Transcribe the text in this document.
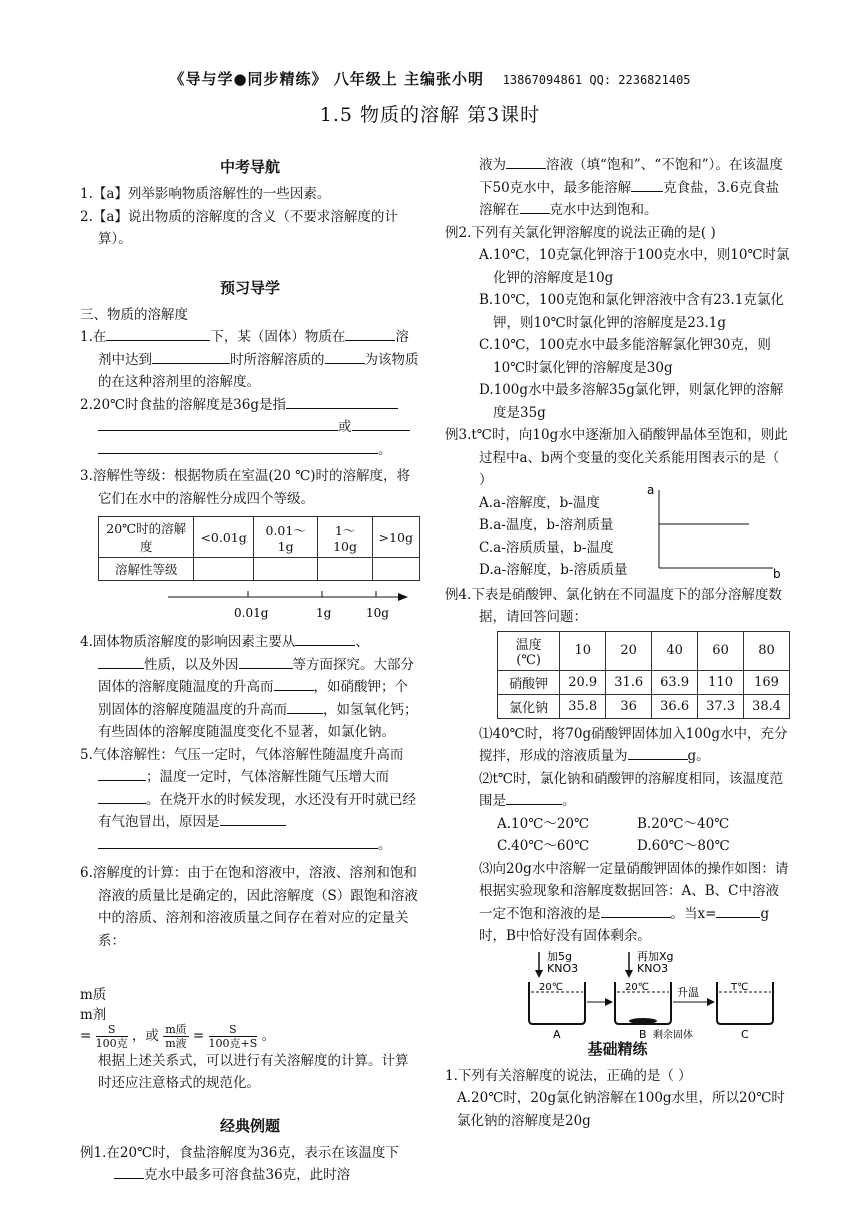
《导与学●同步精练》 八年级上 主编张小明 13867094861 QQ: 2236821405
1.5 物质的溶解 第3课时
中考导航

1.【a】列举影响物质溶解性的一些因素。

2.【a】说出物质的溶解度的含义（不要求溶解度的计算）。

预习导学

三、物质的溶解度

1.在	下，某（固体）物质在	溶剂中达到	时所溶解溶质的	为该物质的在这种溶剂里的溶解度。

2.20℃时食盐的溶解度是36g是指
或
。

3.溶解性等级：根据物质在室温(20 ℃)时的溶解度，将它们在水中的溶解性分成四个等级。

20℃时的溶解度	<0.01g	0.01～1g	1～10g	>10g
溶解性等级				
0.01g	1g	10g

4.固体物质溶解度的影响因素主要从	、
性质，以及外因	等方面探究。大部分固体的溶解度随温度的升高而	，如硝酸钾；个别固体的溶解度随温度的升高而	，如氢氧化钙；有些固体的溶解度随温度变化不显著，如氯化钠。

5.气体溶解性：气压一定时，气体溶解性随温度升高而；温度一定时，气体溶解性随气压增大而。在烧开水的时候发现，水还没有开时就已经有气泡冒出，原因是
。

6.溶解度的计算：由于在饱和溶液中，溶液、溶剂和饱和溶液的质量比是确定的，因此溶解度（S）跟饱和溶液中的溶质、溶剂和溶液质量之间存在着对应的定量关系：

m质
m剂
= $\frac{S}{\text{100克}}$ ，或 $\frac{\text{m质}}{\text{m液}} = \frac{S}{\text{100克+S}}$ 。

根据上述关系式，可以进行有关溶解度的计算。计算时还应注意格式的规范化。

经典例题

例1.在20℃时，食盐溶解度为36克，表示在该温度下克水中最多可溶食盐36克，此时溶

液为	溶液（填“饱和”、“不饱和”）。在该温度下50克水中，最多能溶解 克食盐，3.6克食盐溶解在 克水中达到饱和。

例2.下列有关氯化钾溶解度的说法正确的是( )

A.10℃，10克氯化钾溶于100克水中，则10℃时氯化钾的溶解度是10g

B.10℃，100克饱和氯化钾溶液中含有23.1克氯化钾，则10℃时氯化钾的溶解度是23.1g

C.10℃，100克水中最多能溶解氯化钾30克，则10℃时氯化钾的溶解度是30g

D.100g水中最多溶解35g氯化钾，则氯化钾的溶解度是35g

例3.t℃时，向10g水中逐渐加入硝酸钾晶体至饱和，则此过程中a、b两个变量的变化关系能用图表示的是（ ）

A.a-溶解度，b-温度

B.a-温度，b-溶剂质量

C.a-溶质质量，b-温度

D.a-溶解度，b-溶质质量

a
b

例4.下表是硝酸钾、氯化钠在不同温度下的部分溶解度数据，请回答问题：

温度(℃)	10	20	40	60	80
硝酸钾	20.9	31.6	63.9	110	169
氯化钠	35.8	36	36.6	37.3	38.4

⑴40℃时，将70g硝酸钾固体加入100g水中，充分搅拌，形成的溶液质量为	g。

⑵t℃时，氯化钠和硝酸钾的溶解度相同，该温度范围是	。

A.10℃～20℃	B.20℃～40℃

C.40℃～60℃	D.60℃～80℃

⑶向20g水中溶解一定量硝酸钾固体的操作如图：请根据实验现象和溶解度数据回答：A、B、C中溶液一定不饱和溶液的是	。当x=	g时，B中恰好没有固体剩余。

加5g
KNO3
再加Xg
KNO3
20℃	20℃
剩余固体
升温	T℃
A	B	C
基础精练

1.下列有关溶解度的说法，正确的是（ ）

A.20℃时，20g氯化钠溶解在100g水里，所以20℃时氯化钠的溶解度是20g
